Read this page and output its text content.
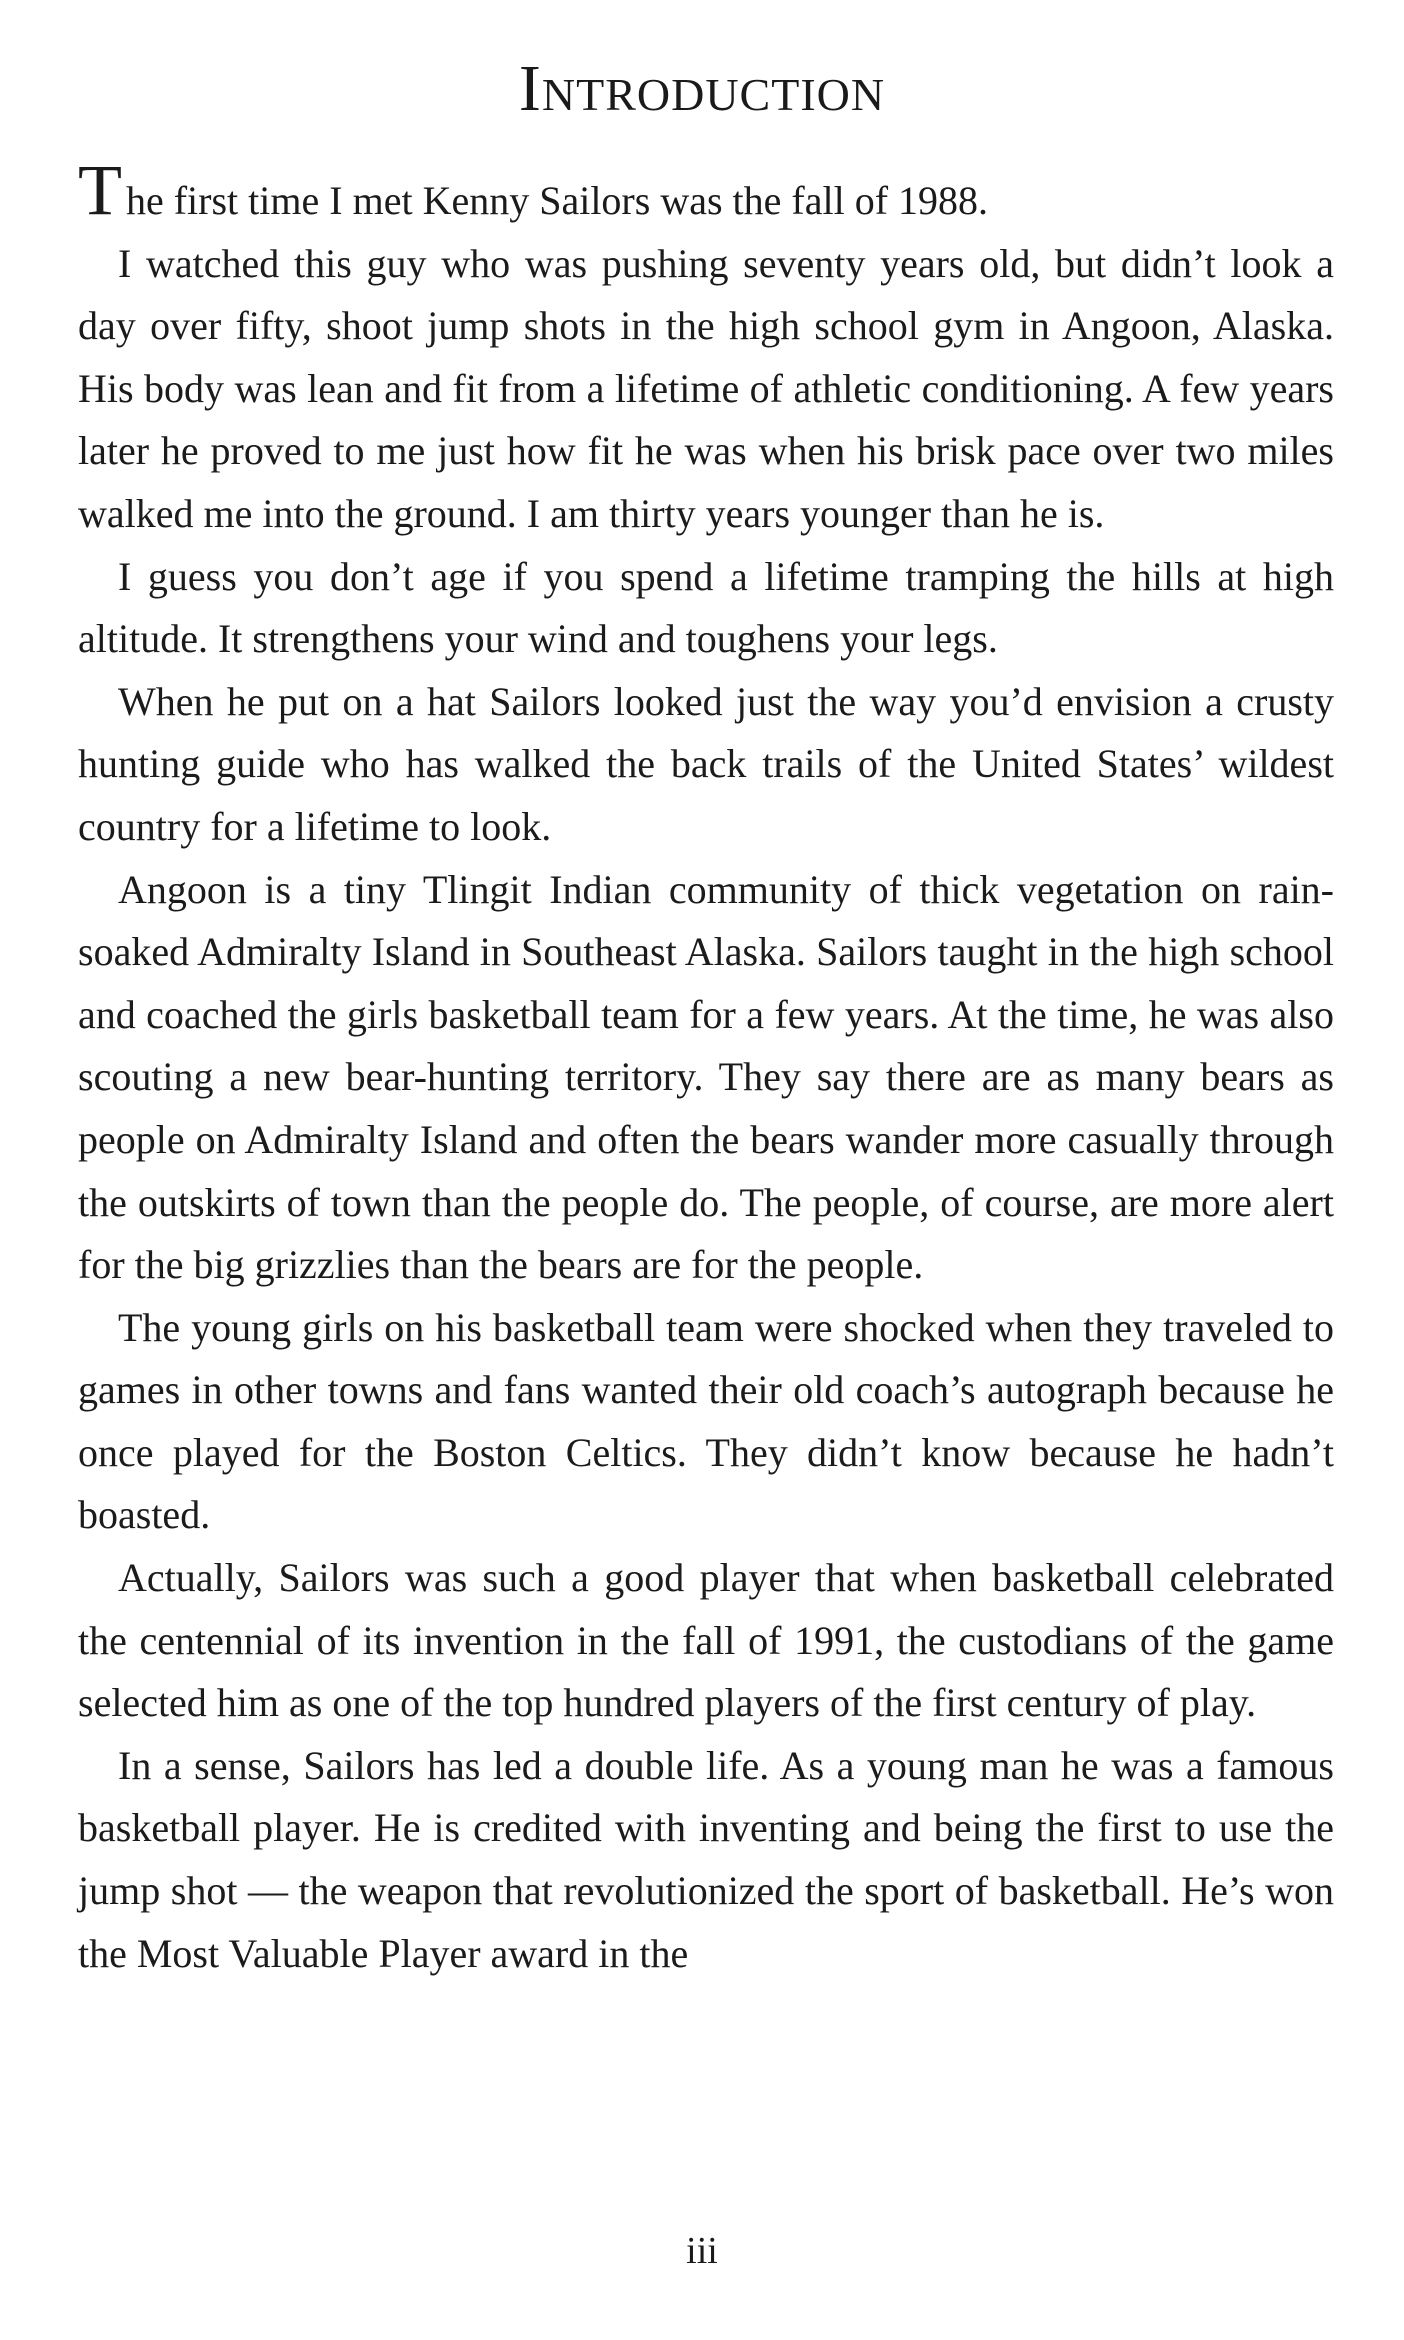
Introduction

The first time I met Kenny Sailors was the fall of 1988.

I watched this guy who was pushing seventy years old, but didn’t look a day over fifty, shoot jump shots in the high school gym in Angoon, Alaska. His body was lean and fit from a lifetime of athletic conditioning. A few years later he proved to me just how fit he was when his brisk pace over two miles walked me into the ground. I am thirty years younger than he is.

I guess you don’t age if you spend a lifetime tramping the hills at high altitude. It strengthens your wind and toughens your legs.

When he put on a hat Sailors looked just the way you’d envision a crusty hunting guide who has walked the back trails of the United States’ wildest country for a lifetime to look.

Angoon is a tiny Tlingit Indian community of thick vegetation on rain-soaked Admiralty Island in Southeast Alaska. Sailors taught in the high school and coached the girls basketball team for a few years. At the time, he was also scouting a new bear-hunting territory. They say there are as many bears as people on Admiralty Island and often the bears wander more casually through the outskirts of town than the people do. The people, of course, are more alert for the big grizzlies than the bears are for the people.

The young girls on his basketball team were shocked when they traveled to games in other towns and fans wanted their old coach’s autograph because he once played for the Boston Celtics. They didn’t know because he hadn’t boasted.

Actually, Sailors was such a good player that when basketball celebrated the centennial of its invention in the fall of 1991, the custodians of the game selected him as one of the top hundred players of the first century of play.

In a sense, Sailors has led a double life. As a young man he was a famous basketball player. He is credited with inventing and being the first to use the jump shot — the weapon that revolutionized the sport of basketball. He’s won the Most Valuable Player award in the

iii
